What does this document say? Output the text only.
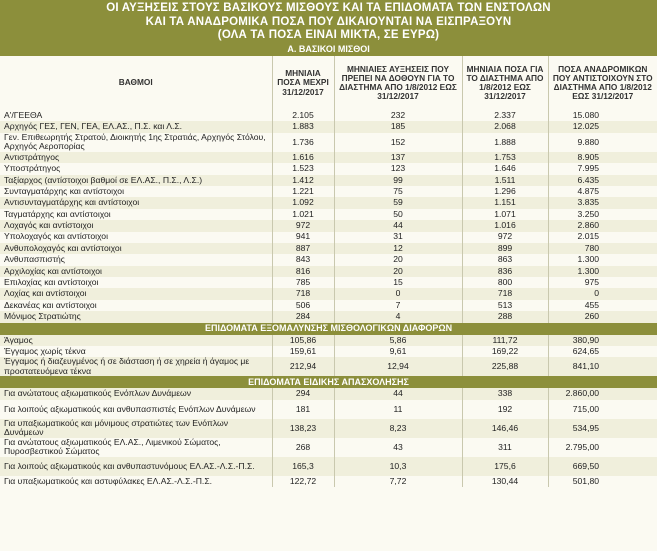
ΟΙ ΑΥΞΗΣΕΙΣ ΣΤΟΥΣ ΒΑΣΙΚΟΥΣ ΜΙΣΘΟΥΣ ΚΑΙ ΤΑ ΕΠΙΔΟΜΑΤΑ ΤΩΝ ΕΝΣΤΟΛΩΝ
ΚΑΙ ΤΑ ΑΝΑΔΡΟΜΙΚΑ ΠΟΣΑ ΠΟΥ ΔΙΚΑΙΟΥΝΤΑΙ ΝΑ ΕΙΣΠΡΑΞΟΥΝ
(ΟΛΑ ΤΑ ΠΟΣΑ ΕΙΝΑΙ ΜΙΚΤΑ, ΣΕ ΕΥΡΩ)
Α. ΒΑΣΙΚΟΙ ΜΙΣΘΟΙ				
ΒΑΘΜΟΙ	ΜΗΝΙΑΙΑ ΠΟΣΑ ΜΕΧΡΙ 31/12/2017	ΜΗΝΙΑΙΕΣ ΑΥΞΗΣΕΙΣ ΠΟΥ ΠΡΕΠΕΙ ΝΑ ΔΟΘΟΥΝ ΓΙΑ ΤΟ ΔΙΑΣΤΗΜΑ ΑΠΟ 1/8/2012 ΕΩΣ 31/12/2017	ΜΗΝΙΑΙΑ ΠΟΣΑ ΓΙΑ ΤΟ ΔΙΑΣΤΗΜΑ ΑΠΟ 1/8/2012 ΕΩΣ 31/12/2017	ΠΟΣΑ ΑΝΑΔΡΟΜΙΚΩΝ ΠΟΥ ΑΝΤΙΣΤΟΙΧΟΥΝ ΣΤΟ ΔΙΑΣΤΗΜΑ ΑΠΟ 1/8/2012 ΕΩΣ 31/12/2017
Α'/ΓΕΕΘΑ	2.105	232	2.337	15.080
Αρχηγός ΓΕΣ, ΓΕΝ, ΓΕΑ, ΕΛ.ΑΣ., Π.Σ. και Λ.Σ.	1.883	185	2.068	12.025
Γεν. Επιθεωρητής Στρατού, Διοικητής 1ης Στρατιάς, Αρχηγός Στόλου, Αρχηγός Αεροπορίας	1.736	152	1.888	9.880
Αντιστράτηγος	1.616	137	1.753	8.905
Υποστράτηγος	1.523	123	1.646	7.995
Ταξίαρχος (αντίστοιχοι βαθμοί σε ΕΛ.ΑΣ., Π.Σ., Λ.Σ.)	1.412	99	1.511	6.435
Συνταγματάρχης και αντίστοιχοι	1.221	75	1.296	4.875
Αντισυνταγματάρχης και αντίστοιχοι	1.092	59	1.151	3.835
Ταγματάρχης και αντίστοιχοι	1.021	50	1.071	3.250
Λοχαγός και αντίστοιχοι	972	44	1.016	2.860
Υπολοχαγός και αντίστοιχοι	941	31	972	2.015
Ανθυπολοχαγός και αντίστοιχοι	887	12	899	780
Ανθυπασπιστής	843	20	863	1.300
Αρχιλοχίας και αντίστοιχοι	816	20	836	1.300
Επιλοχίας και αντίστοιχοι	785	15	800	975
Λοχίας και αντίστοιχοι	718	0	718	0
Δεκανέας και αντίστοιχοι	506	7	513	455
Μόνιμος Στρατιώτης	284	4	288	260
ΕΠΙΔΟΜΑΤΑ ΕΞΟΜΑΛΥΝΣΗΣ ΜΙΣΘΟΛΟΓΙΚΩΝ ΔΙΑΦΟΡΩΝ				
Άγαμος	105,86	5,86	111,72	380,90
Έγγαμος χωρίς τέκνα	159,61	9,61	169,22	624,65
Έγγαμος ή διαζευγμένος ή σε διάσταση ή σε χηρεία ή άγαμος με προστατευόμενα τέκνα	212,94	12,94	225,88	841,10
ΕΠΙΔΟΜΑΤΑ ΕΙΔΙΚΗΣ ΑΠΑΣΧΟΛΗΣΗΣ				
Για ανώτατους αξιωματικούς Ενόπλων Δυνάμεων	294	44	338	2.860,00
Για λοιπούς αξιωματικούς και ανθυπασπιστές Ενόπλων Δυνάμεων	181	11	192	715,00
Για υπαξιωματικούς και μόνιμους στρατιώτες των Ενόπλων Δυνάμεων	138,23	8,23	146,46	534,95
Για ανώτατους αξιωματικούς ΕΛ.ΑΣ., Λιμενικού Σώματος, Πυροσβεστικού Σώματος	268	43	311	2.795,00
Για λοιπούς αξιωματικούς και ανθυπαστυνόμους ΕΛ.ΑΣ.-Λ.Σ.-Π.Σ.	165,3	10,3	175,6	669,50
Για υπαξιωματικούς και αστυφύλακες ΕΛ.ΑΣ.-Λ.Σ.-Π.Σ.	122,72	7,72	130,44	501,80
